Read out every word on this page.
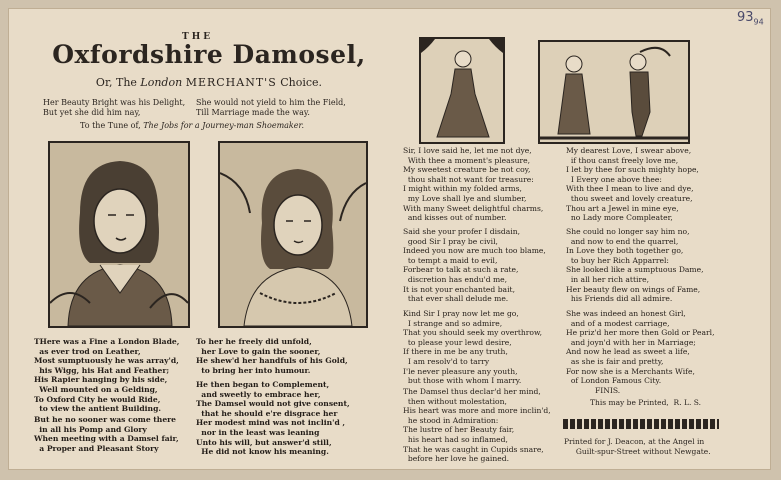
$93_{94}$
THE
Oxfordshire Damosel,
Or, The London MERCHANT'S Choice.
Her Beauty Bright was his Delight,
But yet she did him nay,
She would not yield to him the Field,
Till Marriage made the way.
To the Tune of, The Jobs for a Journey-man Shoemaker.
THere was a Fine a London Blade,
as ever trod on Leather,
Most sumptuously he was array'd,
his Wigg, his Hat and Feather;
His Rapier hanging by his side,
Well mounted on a Gelding,
To Oxford City he would Ride,
to view the antient Building.
But he no sooner was come there
in all his Pomp and Glory
When meeting with a Damsel fair,
a Proper and Pleasant Story
To her he freely did unfold,
her Love to gain the sooner,
He shew'd her handfuls of his Gold,
to bring her into humour.
He then began to Complement,
and sweetly to embrace her,
The Damsel would not give consent,
that he should e're disgrace her
Her modest mind was not inclin'd ,
nor in the least was leaning
Unto his will, but answer'd still,
He did not know his meaning.
Sir, I love said he, let me not dye,
With thee a moment's pleasure,
My sweetest creature be not coy,
thou shalt not want for treasure:
I might within my folded arms,
my Love shall lye and slumber,
With many Sweet delightful charms,
and kisses out of number.
Said she your profer I disdain,
good Sir I pray be civil,
Indeed you now are much too blame,
to tempt a maid to evil,
Forbear to talk at such a rate,
discretion has endu'd me,
It is not your enchanted bait,
that ever shall delude me.
Kind Sir I pray now let me go,
I strange and so admire,
That you should seek my overthrow,
to please your lewd desire,
If there in me be any truth,
I am resolv'd to tarry
I'le never pleasure any youth,
but those with whom I marry.
The Damsel thus declar'd her mind,
then without molestation,
His heart was more and more inclin'd,
he stood in Admiration:
The lustre of her Beauty fair,
his heart had so inflamed,
That he was caught in Cupids snare,
before her love he gained.
My dearest Love, I swear above,
if thou canst freely love me,
I let by thee for such mighty hope,
I Every one above thee:
With thee I mean to live and dye,
thou sweet and lovely creature,
Thou art a Jewel in mine eye,
no Lady more Compleater,
She could no longer say him no,
and now to end the quarrel,
In Love they both together go,
to buy her Rich Apparrel:
She looked like a sumptuous Dame,
in all her rich attire,
Her beauty flew on wings of Fame,
his Friends did all admire.
She was indeed an honest Girl,
and of a modest carriage,
He priz'd her more then Gold or Pearl,
and joyn'd with her in Marriage;
And now he lead as sweet a life,
as she is fair and pretty,
For now she is a Merchants Wife,
of London Famous City.
FINIS.
This may be Printed,  R. L. S.
Printed for J. Deacon, at the Angel in
Guilt-spur-Street without Newgate.
